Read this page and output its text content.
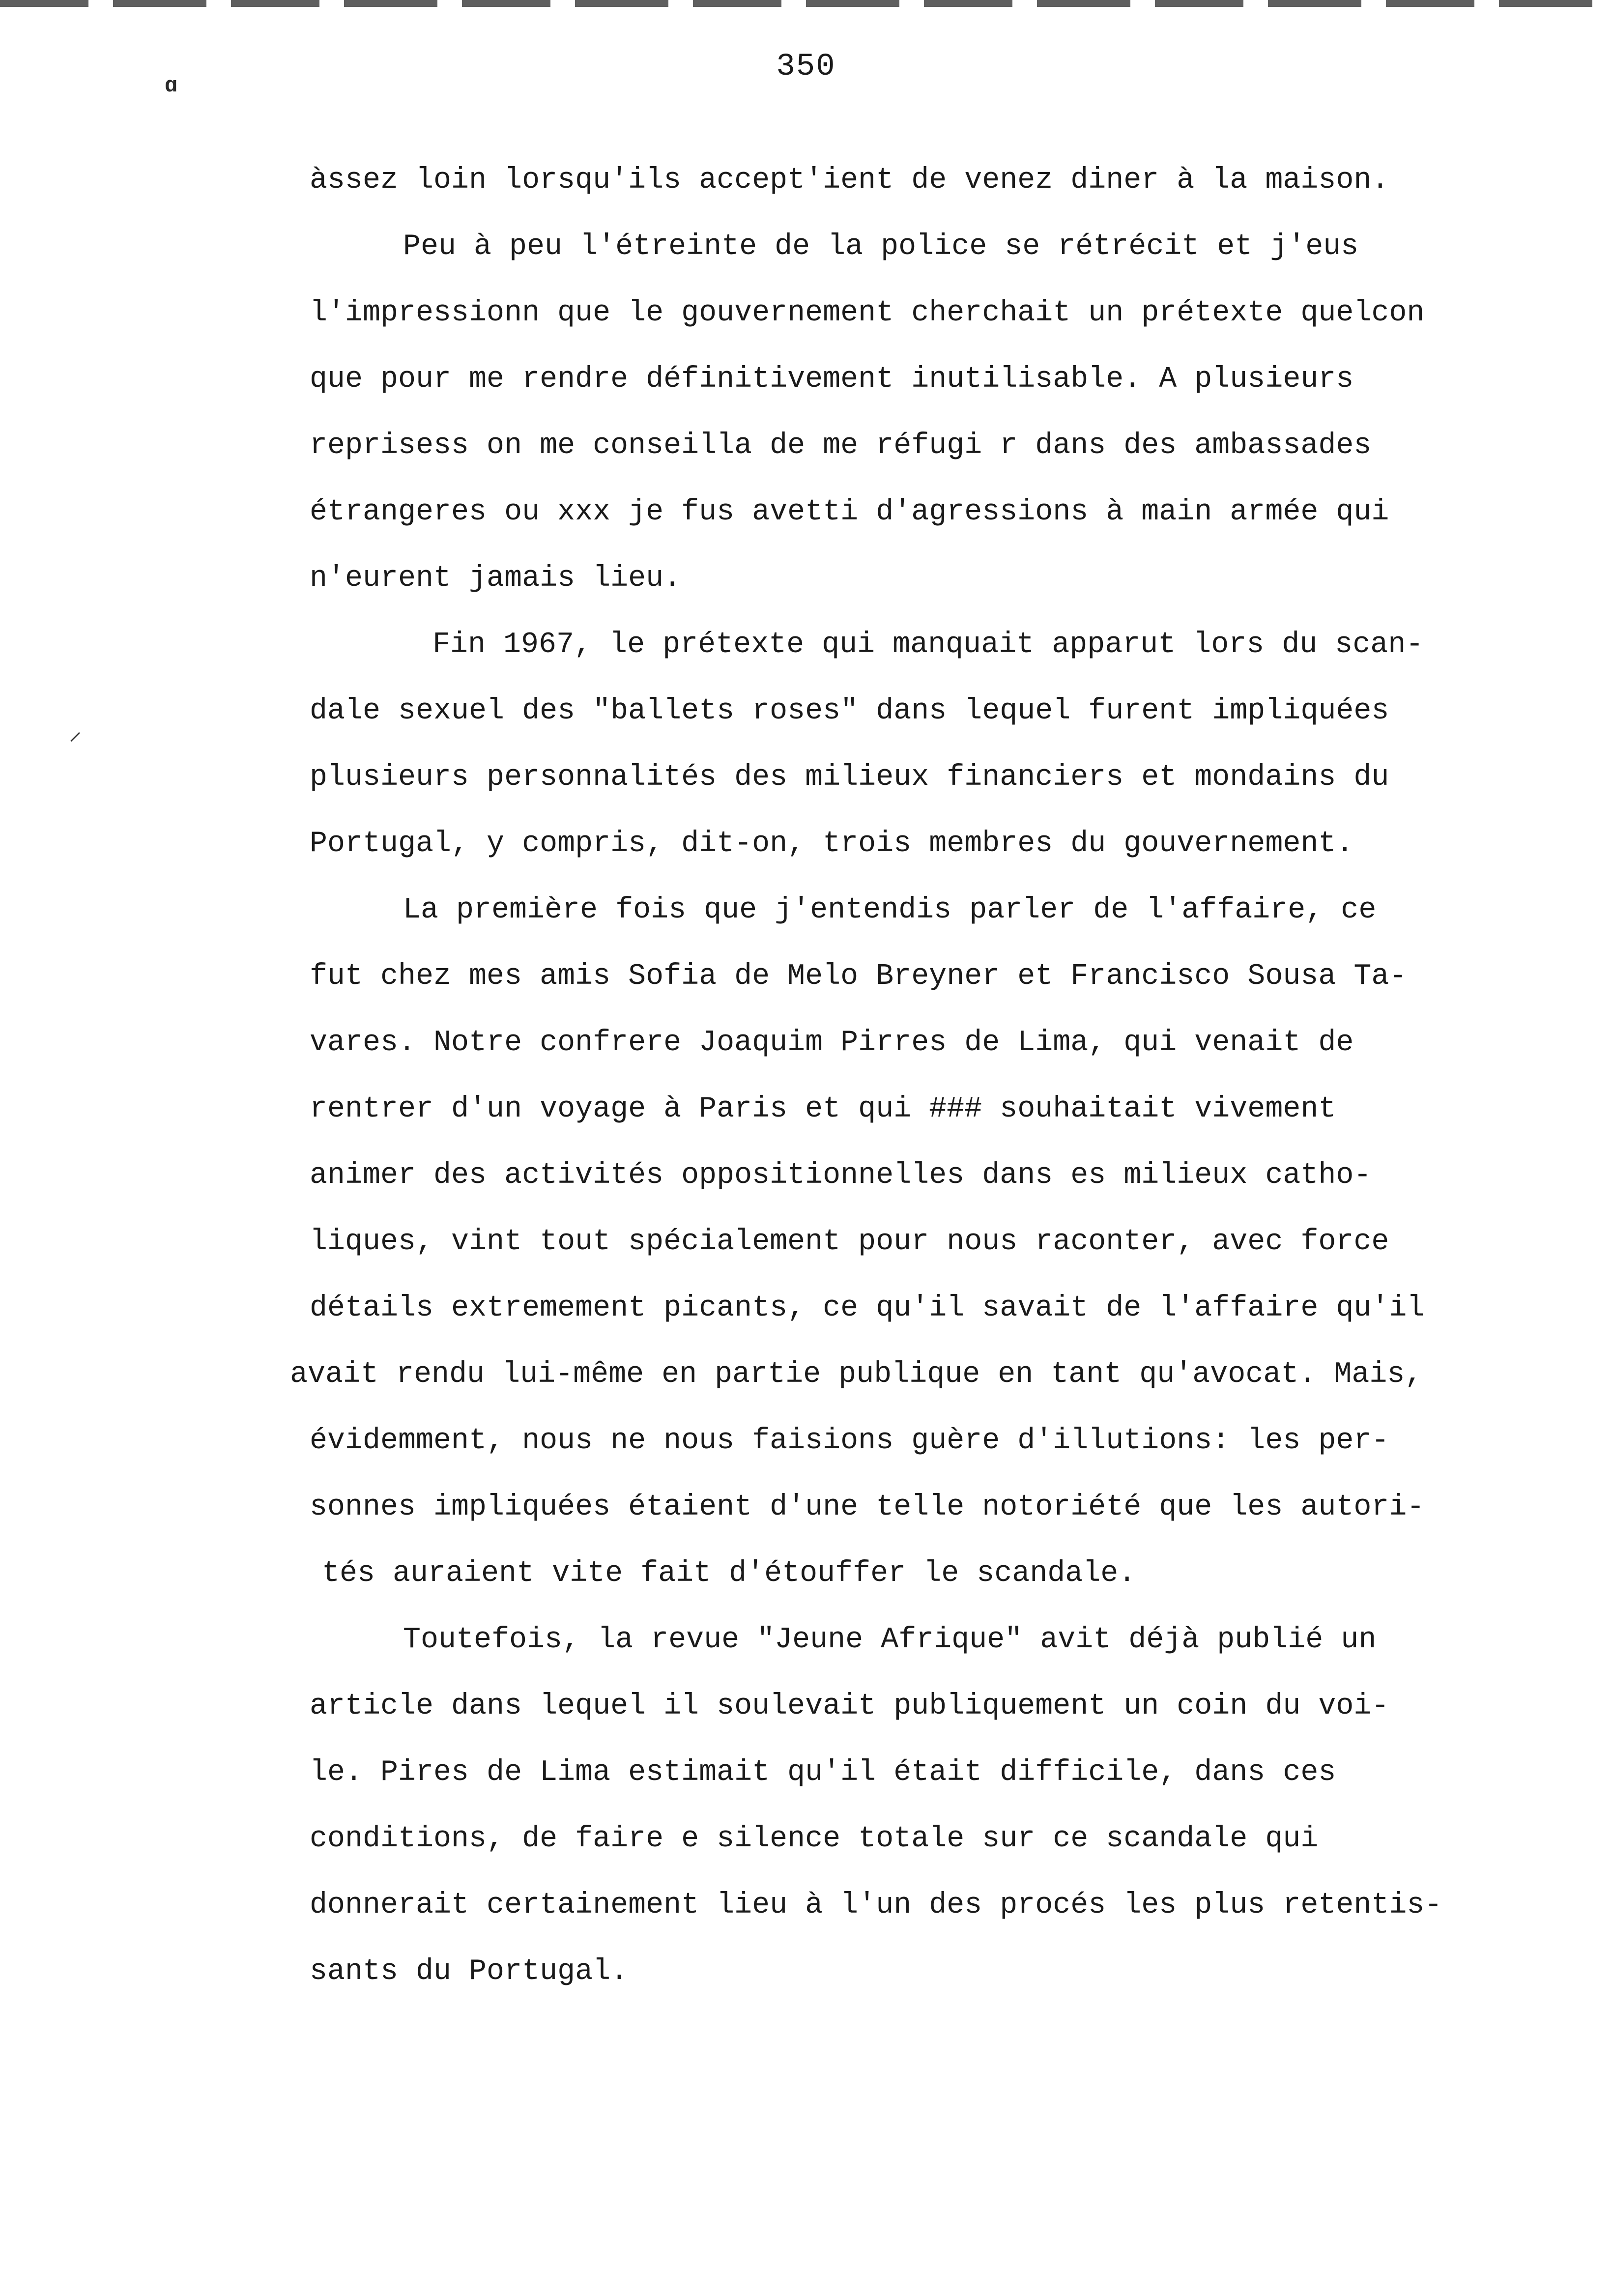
350
ɑ
⸝
àssez loin lorsqu'ils accept'ient de venez diner à la maison.
Peu à peu l'étreinte de la police se rétrécit et j'eus
l'impressionn que le gouvernement cherchait un prétexte quelcon
que pour me rendre définitivement inutilisable. A plusieurs
reprisess on me conseilla de me réfugi r dans des ambassades
étrangeres ou xxx je fus avetti d'agressions à main armée qui
n'eurent jamais lieu.
Fin 1967, le prétexte qui manquait apparut lors du scan-
dale sexuel des "ballets roses" dans lequel furent impliquées
plusieurs personnalités des milieux financiers et mondains du
Portugal, y compris, dit-on, trois membres du gouvernement.
La première fois que j'entendis parler de l'affaire, ce
fut chez mes amis Sofia de Melo Breyner et Francisco Sousa Ta-
vares. Notre confrere Joaquim Pirres de Lima, qui venait de
rentrer d'un voyage à Paris et qui ### souhaitait vivement
animer des activités oppositionnelles dans es milieux catho-
liques, vint tout spécialement pour nous raconter, avec force
détails extremement picants, ce qu'il savait de l'affaire qu'il
avait rendu lui-même en partie publique en tant qu'avocat. Mais,
évidemment, nous ne nous faisions guère d'illutions: les per-
sonnes impliquées étaient d'une telle notoriété que les autori-
tés auraient vite fait d'étouffer le scandale.
Toutefois, la revue "Jeune Afrique" avit déjà publié un
article dans lequel il soulevait publiquement un coin du voi-
le. Pires de Lima estimait qu'il était difficile, dans ces
conditions, de faire e silence totale sur ce scandale qui
donnerait certainement lieu à l'un des procés les plus retentis-
sants du Portugal.
